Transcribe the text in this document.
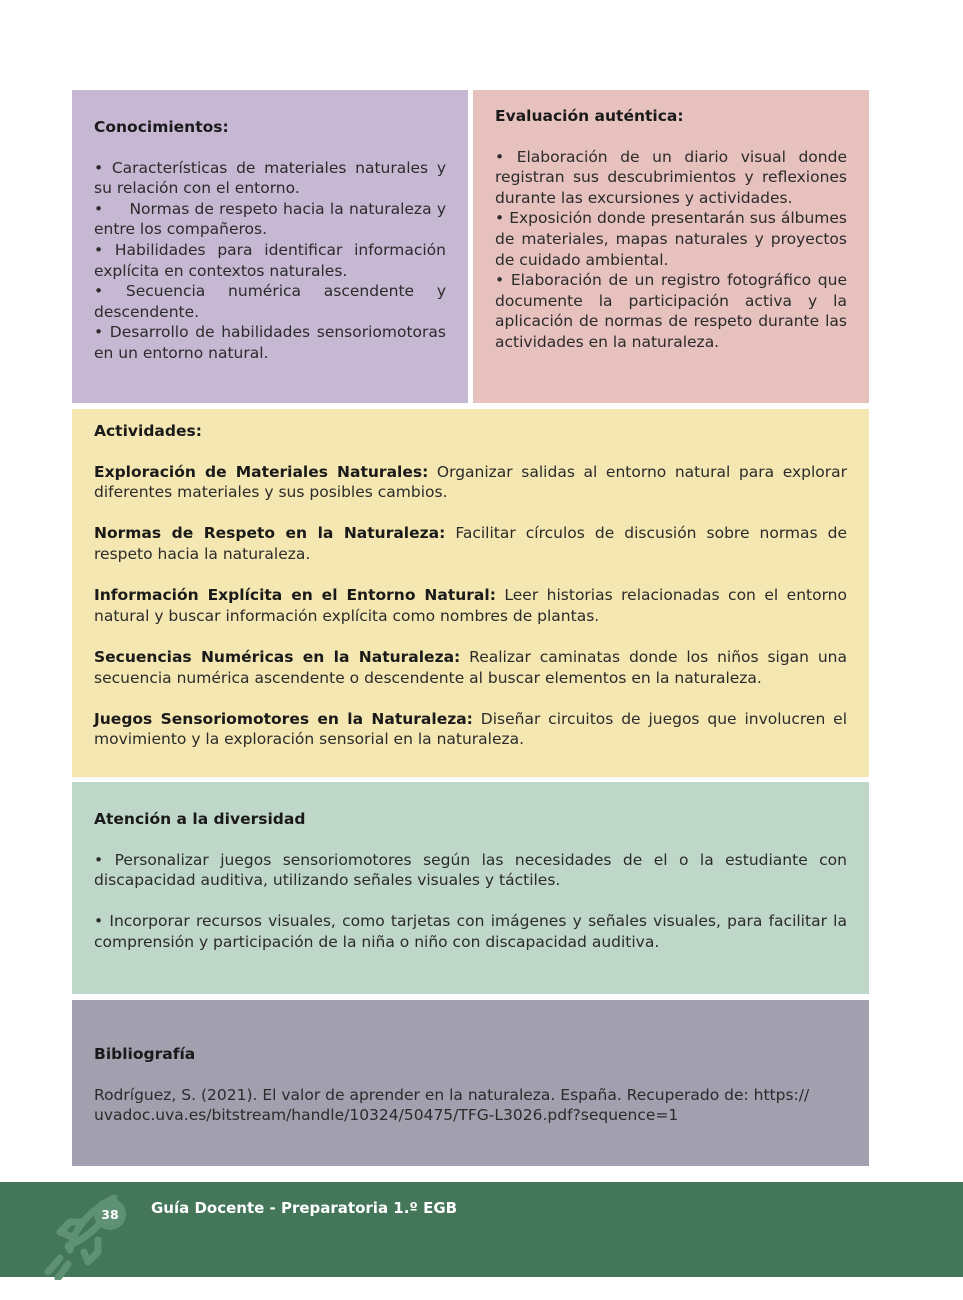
Conocimientos:
• Características de materiales naturales y su relación con el entorno.
•     Normas de respeto hacia la naturaleza y entre los compañeros.
• Habilidades para identificar información explícita en contextos naturales.
• Secuencia numérica ascendente y descendente.
• Desarrollo de habilidades sensoriomotoras en un entorno natural.
Evaluación auténtica:
• Elaboración de un diario visual donde registran sus descubrimientos y reflexiones durante las excursiones y actividades.
• Exposición donde presentarán sus álbumes de materiales, mapas naturales y proyectos de cuidado ambiental.
• Elaboración de un registro fotográfico que documente la participación activa y la aplicación de normas de respeto durante las actividades en la naturaleza.
Actividades:

Exploración de Materiales Naturales: Organizar salidas al entorno natural para explorar diferentes materiales y sus posibles cambios.

Normas de Respeto en la Naturaleza: Facilitar círculos de discusión sobre normas de respeto hacia la naturaleza.

Información Explícita en el Entorno Natural: Leer historias relacionadas con el entorno natural y buscar información explícita como nombres de plantas.

Secuencias Numéricas en la Naturaleza: Realizar caminatas donde los niños sigan una secuencia numérica ascendente o descendente al buscar elementos en la naturaleza.

Juegos Sensoriomotores en la Naturaleza: Diseñar circuitos de juegos que involucren el movimiento y la exploración sensorial en la naturaleza.

Atención a la diversidad

• Personalizar juegos sensoriomotores según las necesidades de el o la estudiante con discapacidad auditiva, utilizando señales visuales y táctiles.

• Incorporar recursos visuales, como tarjetas con imágenes y señales visuales, para facilitar la comprensión y participación de la niña o niño con discapacidad auditiva.

Bibliografía
Rodríguez, S. (2021). El valor de aprender en la naturaleza. España. Recuperado de: https://
uvadoc.uva.es/bitstream/handle/10324/50475/TFG-L3026.pdf?sequence=1
38	Guía Docente - Preparatoria 1.º EGB
